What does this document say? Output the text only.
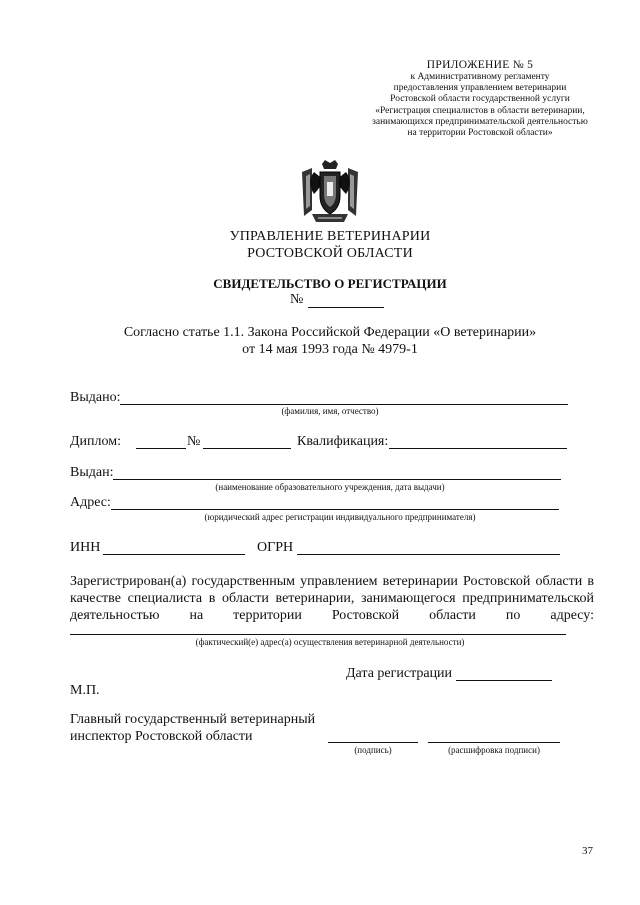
ПРИЛОЖЕНИЕ № 5
к Административному регламенту
предоставления управлением ветеринарии
Ростовской области государственной услуги
«Регистрация специалистов в области ветеринарии,
занимающихся предпринимательской деятельностью
на территории Ростовской области»
УПРАВЛЕНИЕ ВЕТЕРИНАРИИ
РОСТОВСКОЙ ОБЛАСТИ
СВИДЕТЕЛЬСТВО О РЕГИСТРАЦИИ
№
Согласно статье 1.1. Закона Российской Федерации «О ветеринарии»
от 14 мая 1993 года № 4979-1
Выдано:
(фамилия, имя, отчество)
Диплом:	№	Квалификация:
Выдан:
(наименование образовательного учреждения, дата выдачи)
Адрес:
(юридический адрес регистрации индивидуального предпринимателя)
ИНН	ОГРН
Зарегистрирован(а) государственным управлением ветеринарии Ростовской области в
качестве специалиста в области ветеринарии, занимающегося предпринимательской
деятельностью на территории Ростовской области по адресу:
(фактический(е) адрес(а) осуществления ветеринарной деятельности)
Дата регистрации
М.П.
Главный государственный ветеринарный
инспектор Ростовской области
(подпись)	(расшифровка подписи)
37
